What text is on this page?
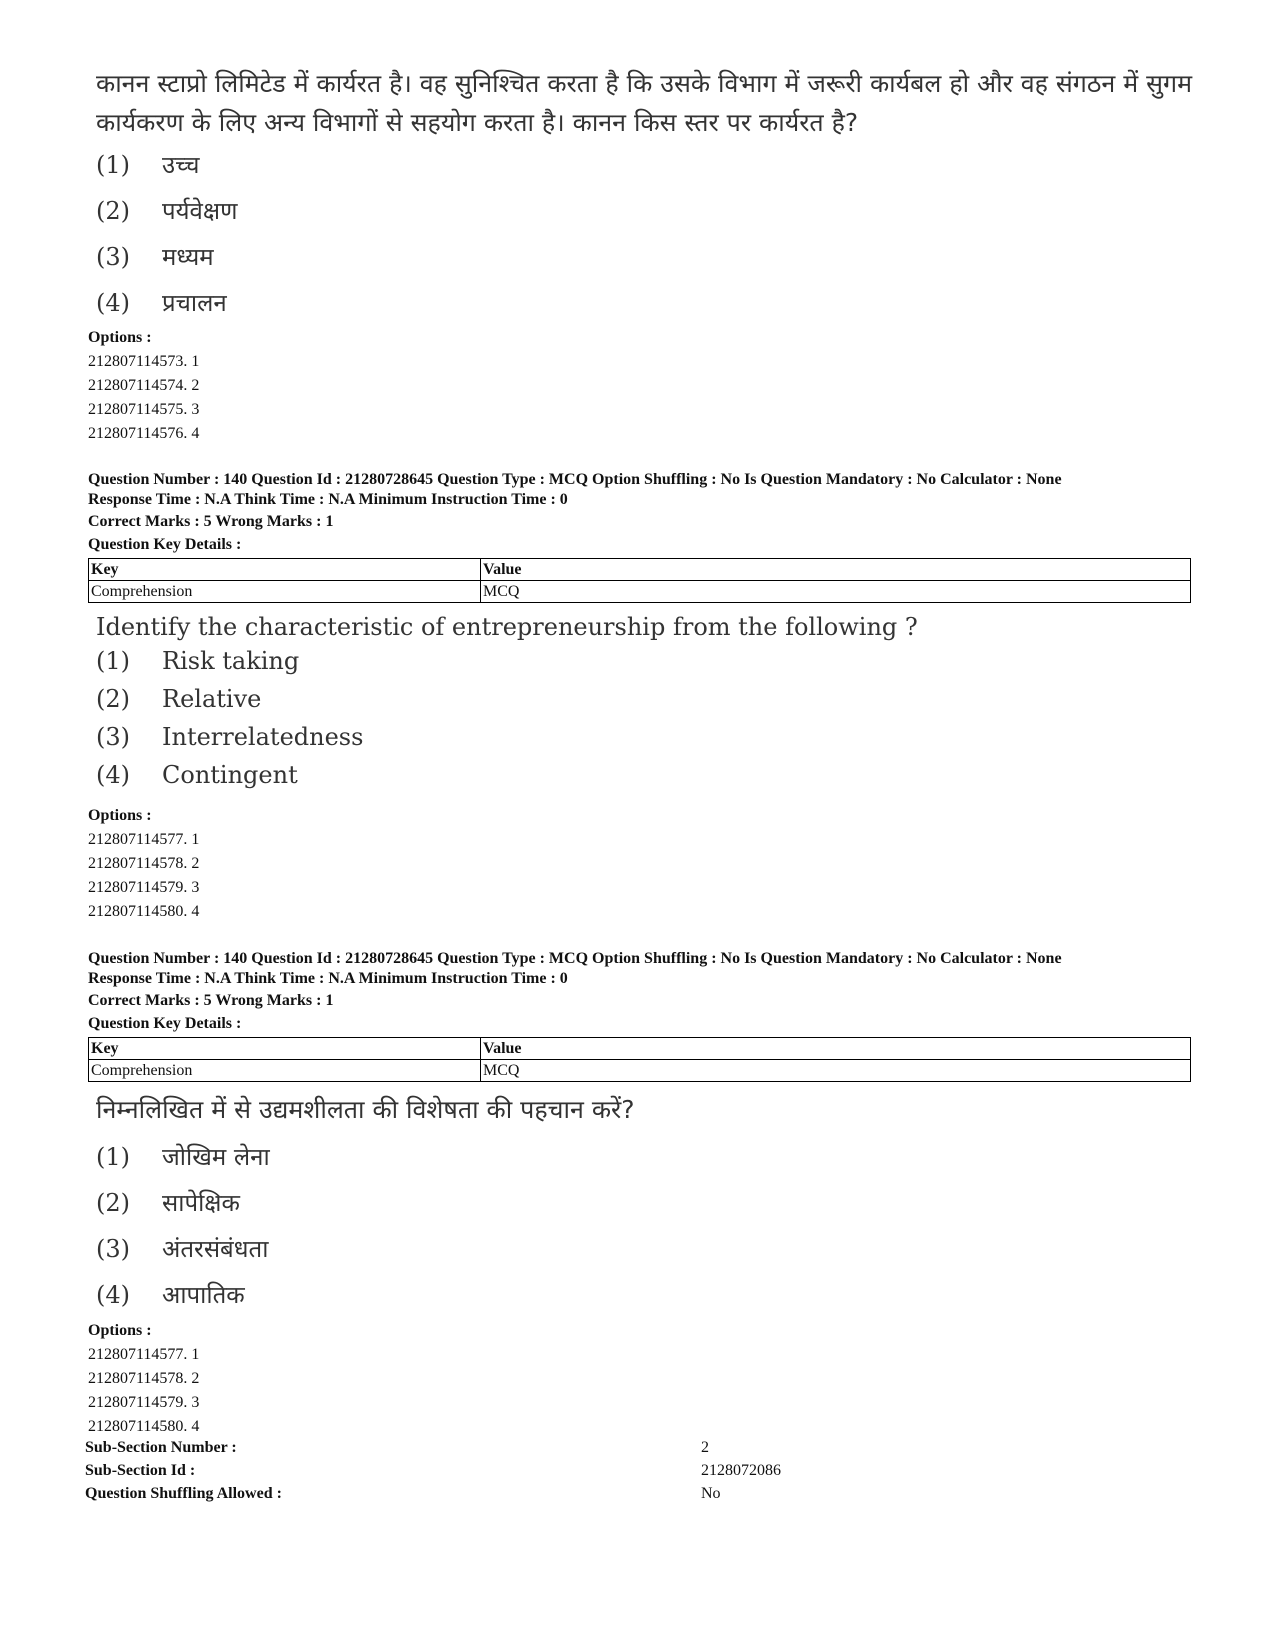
कानन स्टाप्रो लिमिटेड में कार्यरत है। वह सुनिश्चित करता है कि उसके विभाग में जरूरी कार्यबल हो और वह संगठन में सुगम
कार्यकरण के लिए अन्य विभागों से सहयोग करता है। कानन किस स्तर पर कार्यरत है?
(1)	उच्च
(2)	पर्यवेक्षण
(3)	मध्यम
(4)	प्रचालन
Options :
212807114573. 1
212807114574. 2
212807114575. 3
212807114576. 4
Question Number : 140 Question Id : 21280728645 Question Type : MCQ Option Shuffling : No Is Question Mandatory : No Calculator : None
Response Time : N.A Think Time : N.A Minimum Instruction Time : 0
Correct Marks : 5 Wrong Marks : 1
Question Key Details :
Key	Value
Comprehension	MCQ
Identify the characteristic of entrepreneurship from the following ?
(1)	Risk taking
(2)	Relative
(3)	Interrelatedness
(4)	Contingent
Options :
212807114577. 1
212807114578. 2
212807114579. 3
212807114580. 4
Question Number : 140 Question Id : 21280728645 Question Type : MCQ Option Shuffling : No Is Question Mandatory : No Calculator : None
Response Time : N.A Think Time : N.A Minimum Instruction Time : 0
Correct Marks : 5 Wrong Marks : 1
Question Key Details :
Key	Value
Comprehension	MCQ
निम्नलिखित में से उद्यमशीलता की विशेषता की पहचान करें?
(1)	जोखिम लेना
(2)	सापेक्षिक
(3)	अंतरसंबंधता
(4)	आपातिक
Options :
212807114577. 1
212807114578. 2
212807114579. 3
212807114580. 4
Sub-Section Number :	2
Sub-Section Id :	2128072086
Question Shuffling Allowed :	No
